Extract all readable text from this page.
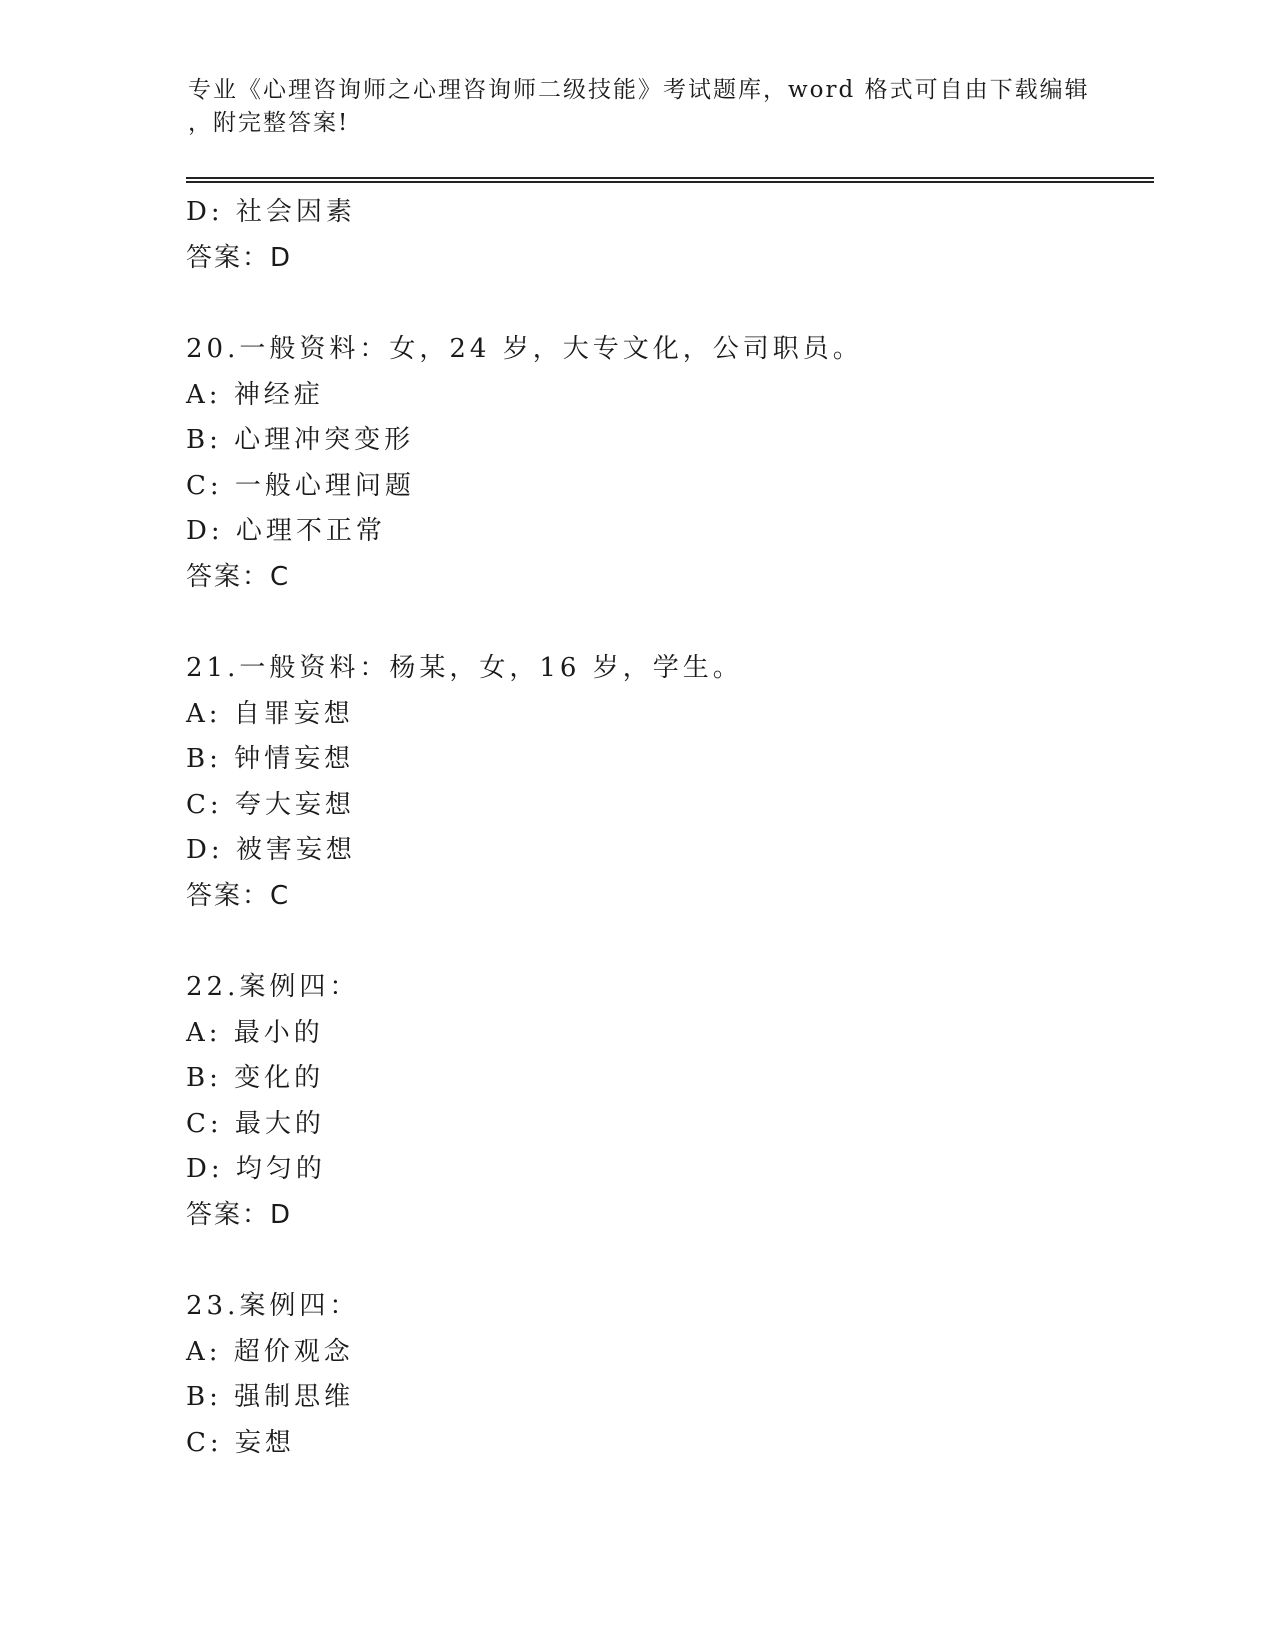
专业《心理咨询师之心理咨询师二级技能》考试题库，word 格式可自由下载编辑
，附完整答案!
D: 社会因素
答案：D
20.一般资料：女，24 岁，大专文化，公司职员。
A: 神经症
B: 心理冲突变形
C: 一般心理问题
D: 心理不正常
答案：C
21.一般资料：杨某，女，16 岁，学生。
A: 自罪妄想
B: 钟情妄想
C: 夸大妄想
D: 被害妄想
答案：C
22.案例四：
A: 最小的
B: 变化的
C: 最大的
D: 均匀的
答案：D
23.案例四：
A: 超价观念
B: 强制思维
C: 妄想
